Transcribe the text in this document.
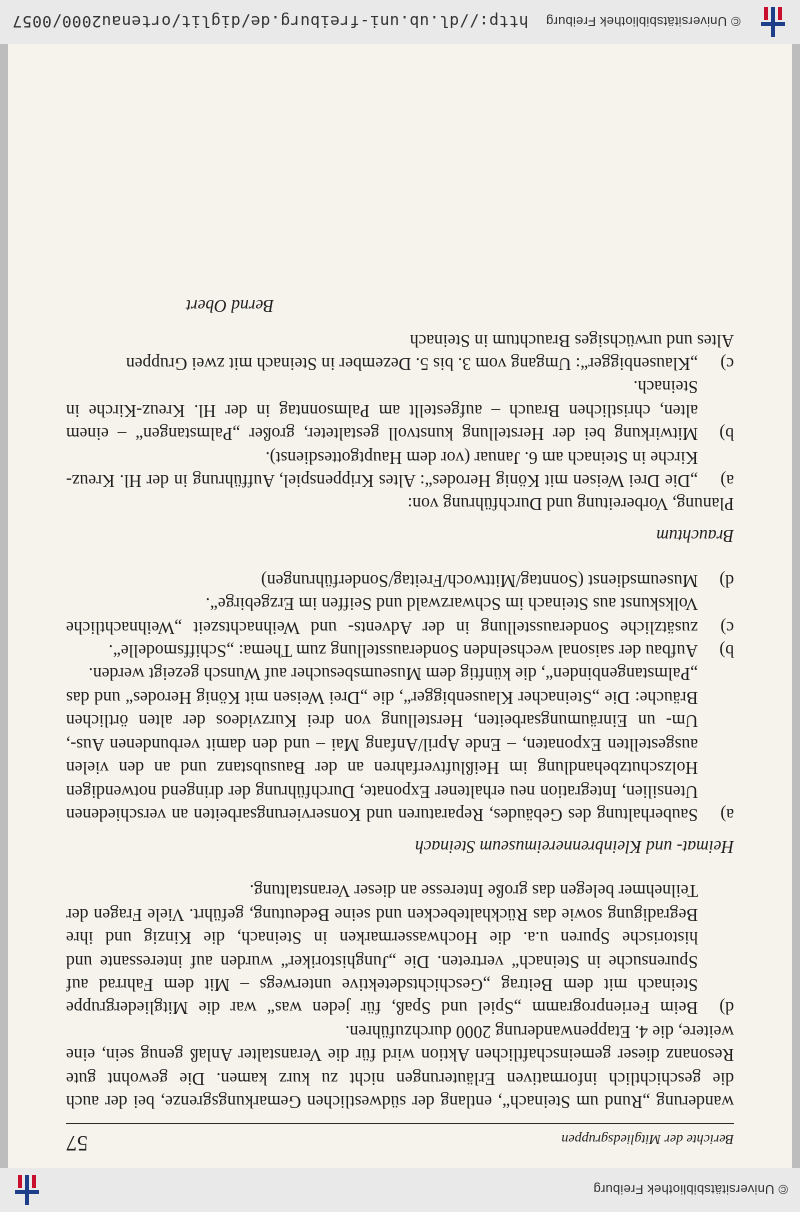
© Universitätsbibliothek Freiburg
http://dl.ub.uni-freiburg.de/diglit/ortenau2000/0057
Berichte der Mitgliedsgruppen
57

wanderung „Rund um Steinach“, entlang der südwestlichen Gemarkungsgrenze, bei der auch die geschichtlich informativen Erläuterungen nicht zu kurz kamen. Die gewohnt gute Resonanz dieser gemeinschaftlichen Aktion wird für die Veranstalter Anlaß genug sein, eine weitere, die 4. Etappenwanderung 2000 durchzuführen.

d)
Beim Ferienprogramm „Spiel und Spaß, für jeden was“ war die Mitgliedergruppe Steinach mit dem Beitrag „Geschichtsdetektive unterwegs – Mit dem Fahrrad auf Spurensuche in Steinach“ vertreten. Die „Junghistoriker“ wurden auf interessante und historische Spuren u.a. die Hochwassermarken in Steinach, die Kinzig und ihre Begradigung sowie das Rückhaltebecken und seine Bedeutung, geführt. Viele Fragen der Teilnehmer belegen das große Interesse an dieser Veranstaltung.
Heimat- und Kleinbrennereimuseum Steinach
a)
Sauberhaltung des Gebäudes, Reparaturen und Konservierungsarbeiten an verschiedenen Utensilien, Integration neu erhaltener Exponate, Durchführung der dringend notwendigen Holzschutzbehandlung im Heißluftverfahren an der Bausubstanz und an den vielen ausgestellten Exponaten, – Ende April/Anfang Mai – und den damit verbundenen Aus-, Um- un Einräumungsarbeiten, Herstellung von drei Kurzvideos der alten örtlichen Bräuche: Die „Steinacher Klausenbigger“, die „Drei Weisen mit König Herodes“ und das „Palmstangenbinden“, die künftig dem Museumsbesucher auf Wunsch gezeigt werden.
b)
Aufbau der saisonal wechselnden Sonderausstellung zum Thema: „Schiffsmodelle“.
c)
zusätzliche Sonderausstellung in der Advents- und Weihnachtszeit „Weihnachtliche Volkskunst aus Steinach im Schwarzwald und Seiffen im Erzgebirge“.
d)
Museumsdienst (Sonntag/Mittwoch/Freitag/Sonderführungen)
Brauchtum

Planung, Vorbereitung und Durchführung von:

a)
„Die Drei Weisen mit König Herodes“: Altes Krippenspiel, Aufführung in der Hl. Kreuz-Kirche in Steinach am 6. Januar (vor dem Hauptgottesdienst).
b)
Mitwirkung bei der Herstellung kunstvoll gestalteter, großer „Palmstangen“ – einem alten, christlichen Brauch – aufgestellt am Palmsonntag in der Hl. Kreuz-Kirche in Steinach.
c)
„Klausenbigger“: Umgang vom 3. bis 5. Dezember in Steinach mit zwei Gruppen

Altes und urwüchsiges Brauchtum in Steinach

Bernd Obert
© Universitätsbibliothek Freiburg
